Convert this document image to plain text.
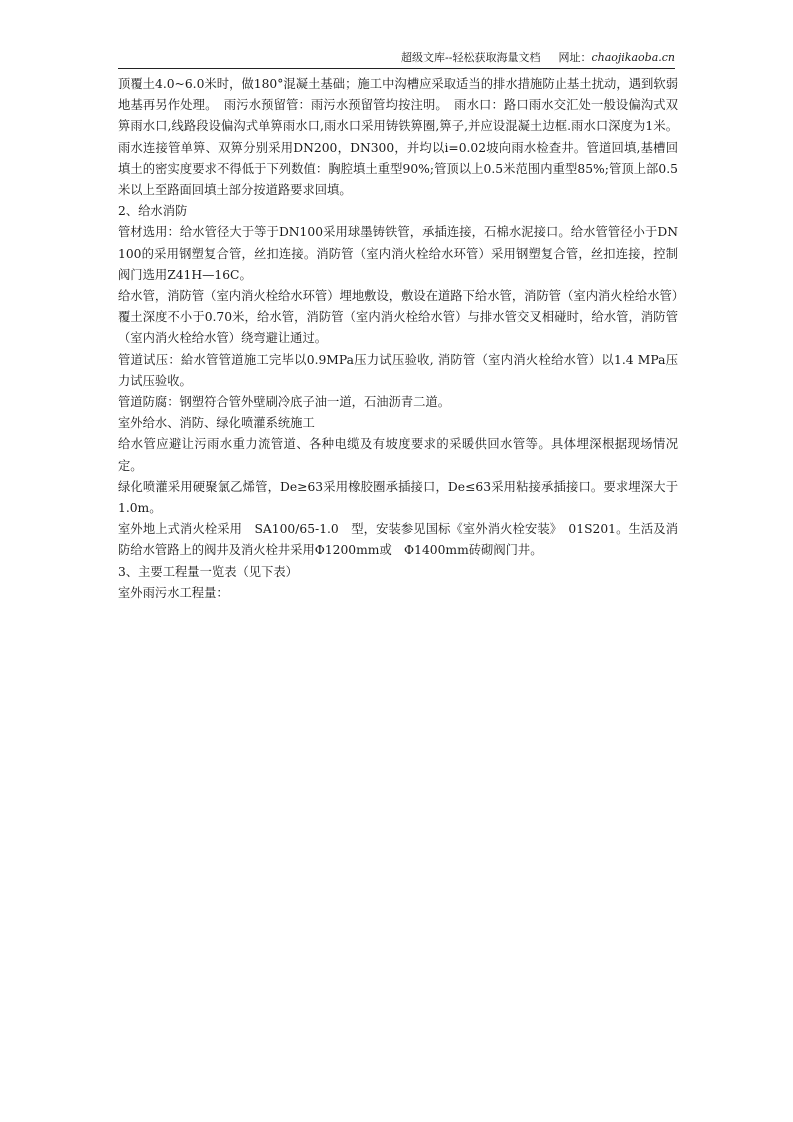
超级文库--轻松获取海量文档 网址：chaojikaoba.cn

顶覆土4.0~6.0米时，做180°混凝土基础；施工中沟槽应采取适当的排水措施防止基土扰动，遇到软弱地基再另作处理。　雨污水预留管：雨污水预留管均按注明。　雨水口：路口雨水交汇处一般设偏沟式双箅雨水口,线路段设偏沟式单箅雨水口,雨水口采用铸铁箅圈,箅子,并应设混凝土边框.雨水口深度为1米。雨水连接管单箅、双箅分别采用DN200，DN300，并均以i=0.02坡向雨水检查井。管道回填,基槽回填土的密实度要求不得低于下列数值：胸腔填土重型90%;管顶以上0.5米范围内重型85%;管顶上部0.5米以上至路面回填土部分按道路要求回填。

2、给水消防

管材选用：给水管径大于等于DN100采用球墨铸铁管，承插连接，石棉水泥接口。给水管管径小于DN100的采用钢塑复合管，丝扣连接。消防管（室内消火栓给水环管）采用钢塑复合管，丝扣连接，控制阀门选用Z41H—16C。

给水管，消防管（室内消火栓给水环管）埋地敷设，敷设在道路下给水管，消防管（室内消火栓给水管）覆土深度不小于0.70米，给水管，消防管（室内消火栓给水管）与排水管交叉相碰时，给水管，消防管（室内消火栓给水管）绕弯避让通过。

管道试压：給水管管道施工完毕以0.9MPa压力试压验收, 消防管（室内消火栓给水管）以1.4 MPa压力试压验收。

管道防腐：钢塑符合管外壁刷冷底子油一道，石油沥青二道。

室外给水、消防、绿化喷灌系统施工

给水管应避让污雨水重力流管道、各种电缆及有坡度要求的采暖供回水管等。具体埋深根据现场情况定。

绿化喷灌采用硬聚氯乙烯管，De≥63采用橡胶圈承插接口，De≤63采用粘接承插接口。要求埋深大于1.0m。

室外地上式消火栓采用　SA100/65-1.0　型，安装参见国标《室外消火栓安装》　01S201。生活及消防给水管路上的阀井及消火栓井采用Φ1200mm或　Φ1400mm砖砌阀门井。

3、主要工程量一览表（见下表）

室外雨污水工程量：
